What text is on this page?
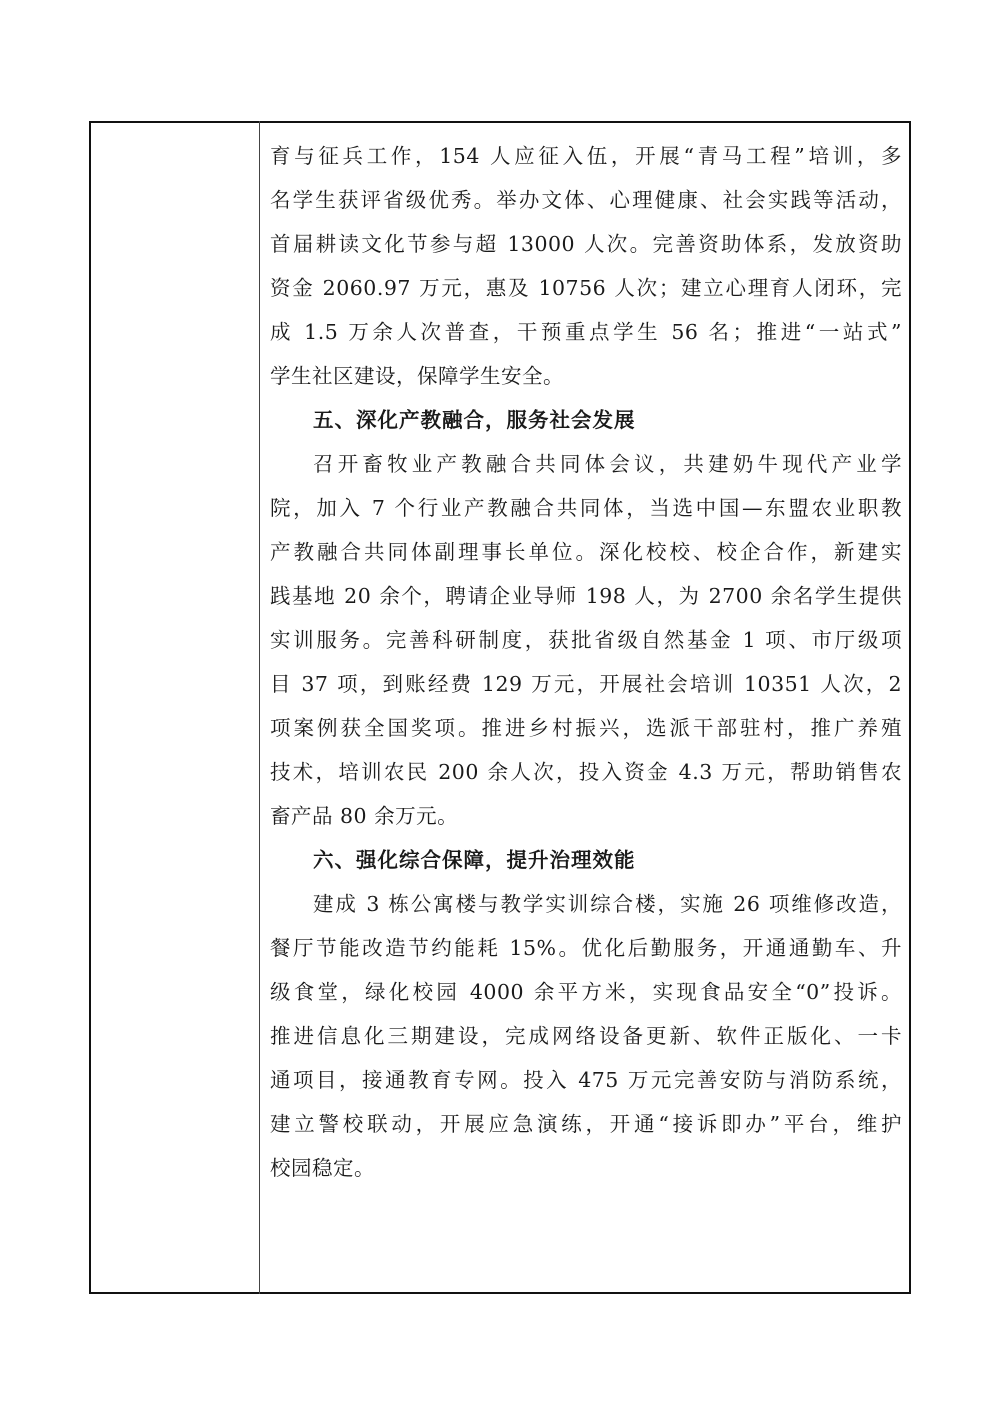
育与征兵工作，154 人应征入伍，开展“青马工程”培训，多
名学生获评省级优秀。举办文体、心理健康、社会实践等活动，
首届耕读文化节参与超 13000 人次。完善资助体系，发放资助
资金 2060.97 万元，惠及 10756 人次；建立心理育人闭环，完
成 1.5 万余人次普查，干预重点学生 56 名；推进“一站式”
学生社区建设，保障学生安全。
五、深化产教融合，服务社会发展
召开畜牧业产教融合共同体会议，共建奶牛现代产业学
院，加入 7 个行业产教融合共同体，当选中国—东盟农业职教
产教融合共同体副理事长单位。深化校校、校企合作，新建实
践基地 20 余个，聘请企业导师 198 人，为 2700 余名学生提供
实训服务。完善科研制度，获批省级自然基金 1 项、市厅级项
目 37 项，到账经费 129 万元，开展社会培训 10351 人次，2
项案例获全国奖项。推进乡村振兴，选派干部驻村，推广养殖
技术，培训农民 200 余人次，投入资金 4.3 万元，帮助销售农
畜产品 80 余万元。
六、强化综合保障，提升治理效能
建成 3 栋公寓楼与教学实训综合楼，实施 26 项维修改造，
餐厅节能改造节约能耗 15%。优化后勤服务，开通通勤车、升
级食堂，绿化校园 4000 余平方米，实现食品安全“0”投诉。
推进信息化三期建设，完成网络设备更新、软件正版化、一卡
通项目，接通教育专网。投入 475 万元完善安防与消防系统，
建立警校联动，开展应急演练，开通“接诉即办”平台，维护
校园稳定。
